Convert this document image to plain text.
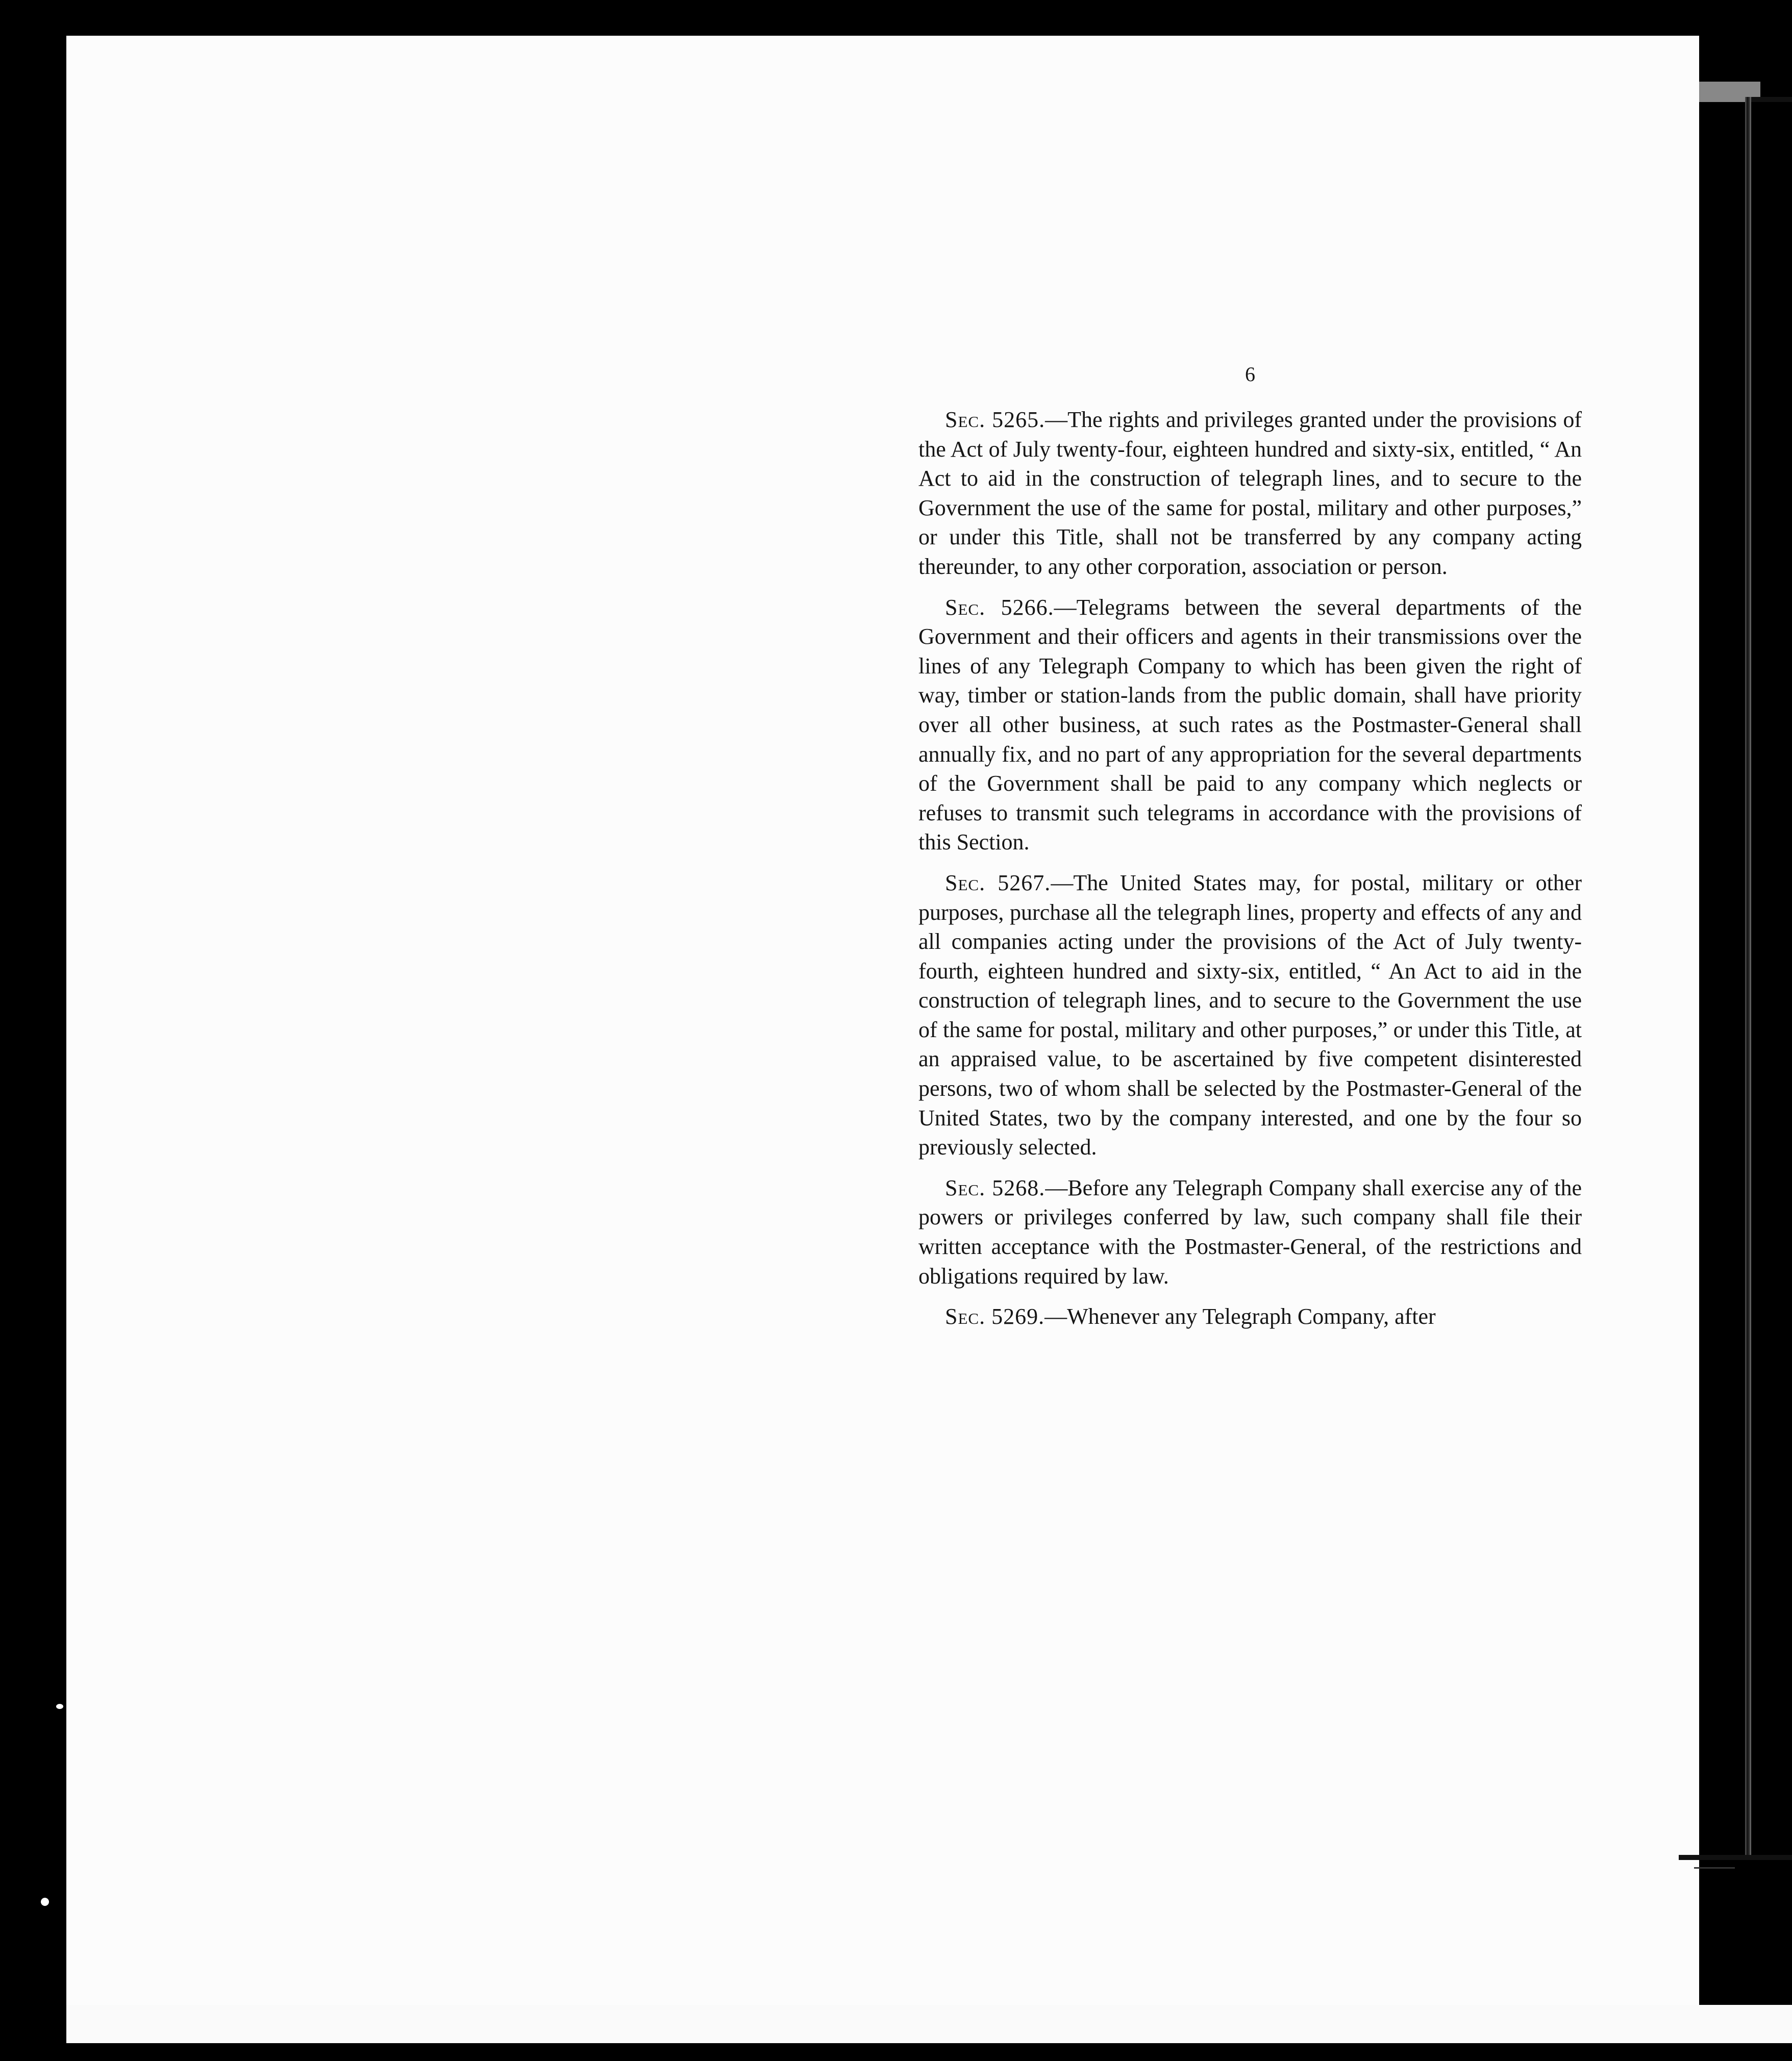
6

Sec. 5265.—The rights and privileges granted under the provisions of the Act of July twenty-four, eighteen hundred and sixty-six, entitled, “ An Act to aid in the construction of telegraph lines, and to secure to the Government the use of the same for postal, military and other purposes,” or under this Title, shall not be transferred by any company acting thereunder, to any other corporation, association or person.

Sec. 5266.—Telegrams between the several departments of the Government and their officers and agents in their transmissions over the lines of any Telegraph Company to which has been given the right of way, timber or station-lands from the public domain, shall have priority over all other business, at such rates as the Postmaster-General shall annually fix, and no part of any appropriation for the several departments of the Government shall be paid to any company which neglects or refuses to transmit such telegrams in accordance with the provisions of this Section.

Sec. 5267.—The United States may, for postal, military or other purposes, purchase all the telegraph lines, property and effects of any and all companies acting under the provisions of the Act of July twenty-fourth, eighteen hundred and sixty-six, entitled, “ An Act to aid in the construction of telegraph lines, and to secure to the Government the use of the same for postal, military and other purposes,” or under this Title, at an appraised value, to be ascertained by five competent disinterested persons, two of whom shall be selected by the Postmaster-General of the United States, two by the company interested, and one by the four so previously selected.

Sec. 5268.—Before any Telegraph Company shall exercise any of the powers or privileges conferred by law, such company shall file their written acceptance with the Postmaster-General, of the restrictions and obligations required by law.

Sec. 5269.—Whenever any Telegraph Company, after
